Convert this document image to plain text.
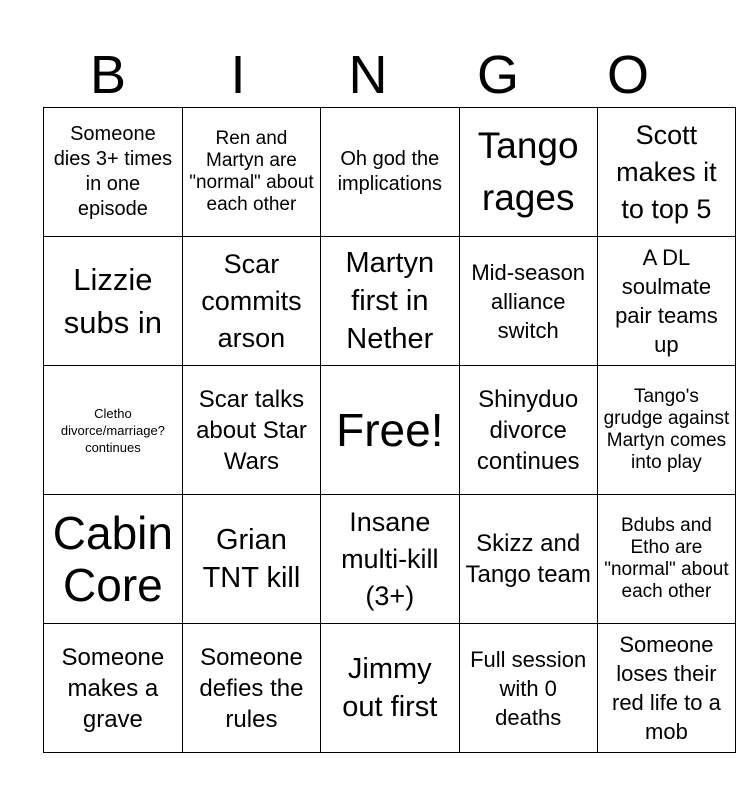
B	I	N	G	O
Someone dies 3+ times in one episode	Ren and Martyn are "normal" about each other	Oh god the implications	Tango rages	Scott makes it to top 5

Lizzie subs in	Scar commits arson	Martyn first in Nether	Mid-season alliance switch	A DL soulmate pair teams up

Cletho divorce/marriage? continues	Scar talks about Star Wars	Free!	Shinyduo divorce continues	Tango's grudge against Martyn comes into play

Cabin Core	Grian TNT kill	Insane multi-kill (3+)	Skizz and Tango team	Bdubs and Etho are "normal" about each other

Someone makes a grave	Someone defies the rules	Jimmy out first	Full session with 0 deaths	Someone loses their red life to a mob
